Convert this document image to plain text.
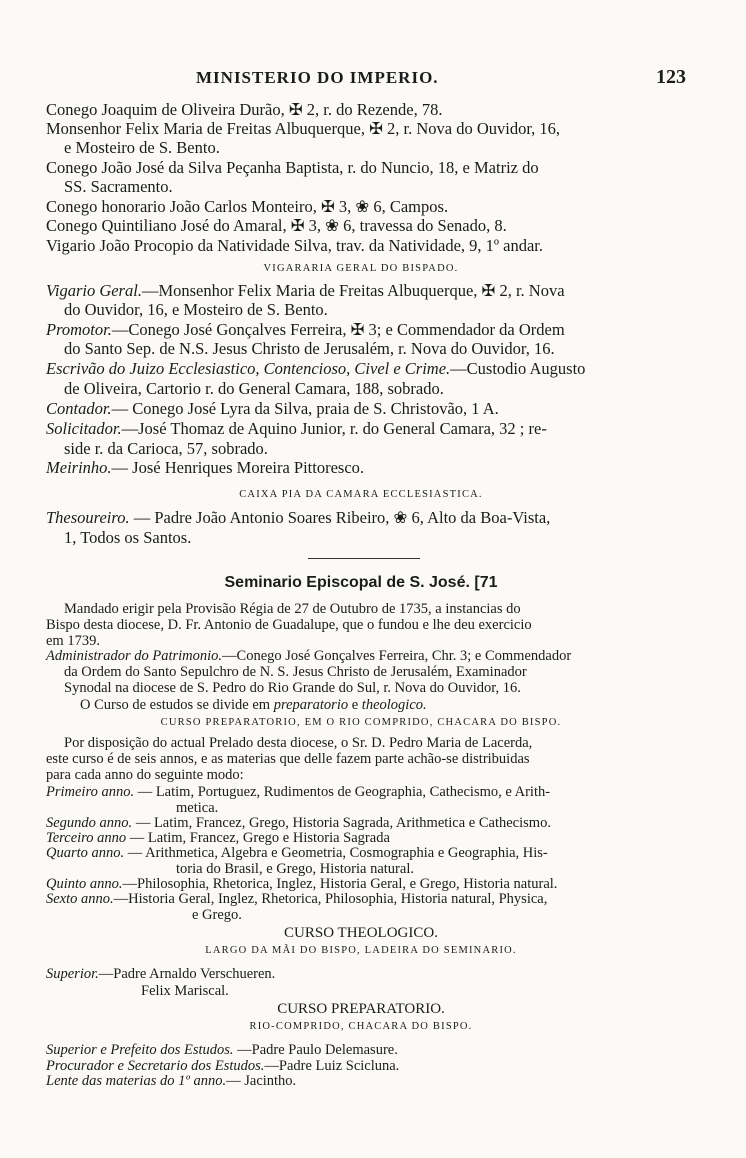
MINISTERIO DO IMPERIO.	123
Conego Joaquim de Oliveira Durão, ✠ 2, r. do Rezende, 78.
Monsenhor Felix Maria de Freitas Albuquerque, ✠ 2, r. Nova do Ouvidor, 16,
e Mosteiro de S. Bento.
Conego João José da Silva Peçanha Baptista, r. do Nuncio, 18, e Matriz do
SS. Sacramento.
Conego honorario João Carlos Monteiro, ✠ 3, ❀ 6, Campos.
Conego Quintiliano José do Amaral, ✠ 3, ❀ 6, travessa do Senado, 8.
Vigario João Procopio da Natividade Silva, trav. da Natividade, 9, 1º andar.
VIGARARIA GERAL DO BISPADO.
Vigario Geral.—Monsenhor Felix Maria de Freitas Albuquerque, ✠ 2, r. Nova
do Ouvidor, 16, e Mosteiro de S. Bento.
Promotor.—Conego José Gonçalves Ferreira, ✠ 3; e Commendador da Ordem
do Santo Sep. de N.S. Jesus Christo de Jerusalém, r. Nova do Ouvidor, 16.
Escrivão do Juizo Ecclesiastico, Contencioso, Civel e Crime.—Custodio Augusto
de Oliveira, Cartorio r. do General Camara, 188, sobrado.
Contador.— Conego José Lyra da Silva, praia de S. Christovão, 1 A.
Solicitador.—José Thomaz de Aquino Junior, r. do General Camara, 32 ; re-
side r. da Carioca, 57, sobrado.
Meirinho.— José Henriques Moreira Pittoresco.
CAIXA PIA DA CAMARA ECCLESIASTICA.
Thesoureiro. — Padre João Antonio Soares Ribeiro, ❀ 6, Alto da Boa-Vista,
1, Todos os Santos.
Seminario Episcopal de S. José. [71
Mandado erigir pela Provisão Régia de 27 de Outubro de 1735, a instancias do
Bispo desta diocese, D. Fr. Antonio de Guadalupe, que o fundou e lhe deu exercicio
em 1739.
Administrador do Patrimonio.—Conego José Gonçalves Ferreira, Chr. 3; e Commendador
da Ordem do Santo Sepulchro de N. S. Jesus Christo de Jerusalém, Examinador
Synodal na diocese de S. Pedro do Rio Grande do Sul, r. Nova do Ouvidor, 16.
O Curso de estudos se divide em preparatorio e theologico.
CURSO PREPARATORIO, EM O RIO COMPRIDO, CHACARA DO BISPO.
Por disposição do actual Prelado desta diocese, o Sr. D. Pedro Maria de Lacerda,
este curso é de seis annos, e as materias que delle fazem parte achão-se distribuidas
para cada anno do seguinte modo:
Primeiro anno. — Latim, Portuguez, Rudimentos de Geographia, Cathecismo, e Arith-
metica.
Segundo anno. — Latim, Francez, Grego, Historia Sagrada, Arithmetica e Cathecismo.
Terceiro anno — Latim, Francez, Grego e Historia Sagrada
Quarto anno. — Arithmetica, Algebra e Geometria, Cosmographia e Geographia, His-
toria do Brasil, e Grego, Historia natural.
Quinto anno.—Philosophia, Rhetorica, Inglez, Historia Geral, e Grego, Historia natural.
Sexto anno.—Historia Geral, Inglez, Rhetorica, Philosophia, Historia natural, Physica,
e Grego.
CURSO THEOLOGICO.
LARGO DA MÃI DO BISPO, LADEIRA DO SEMINARIO.
Superior.—Padre Arnaldo Verschueren.
Felix Mariscal.
CURSO PREPARATORIO.
RIO-COMPRIDO, CHACARA DO BISPO.
Superior e Prefeito dos Estudos. —Padre Paulo Delemasure.
Procurador e Secretario dos Estudos.—Padre Luiz Scicluna.
Lente das materias do 1º anno.— Jacintho.
